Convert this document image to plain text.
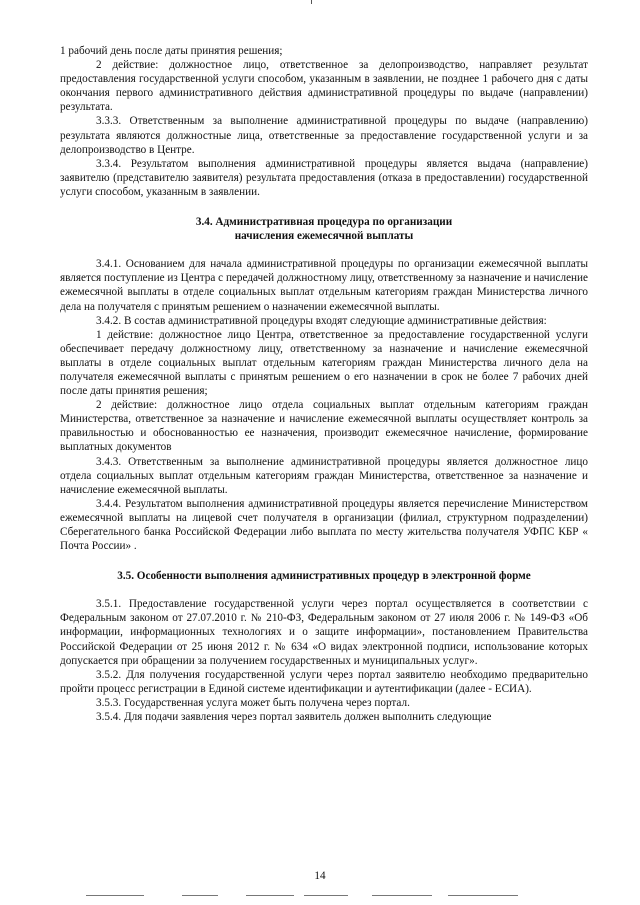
1 рабочий день после даты принятия решения;

2 действие: должностное лицо, ответственное за делопроизводство, направляет результат предоставления государственной услуги способом, указанным в заявлении, не позднее 1 рабочего дня с даты окончания первого административного действия административной процедуры по выдаче (направлении) результата.

3.3.3. Ответственным за выполнение административной процедуры по выдаче (направлению) результата являются должностные лица, ответственные за предоставление государственной услуги и за делопроизводство в Центре.

3.3.4. Результатом выполнения административной процедуры является выдача (направление) заявителю (представителю заявителя) результата предоставления (отказа в предоставлении) государственной услуги способом, указанным в заявлении.

3.4. Административная процедура по организации

начисления ежемесячной выплаты

3.4.1. Основанием для начала административной процедуры по организации ежемесячной выплаты является поступление из Центра с передачей должностному лицу, ответственному за назначение и начисление ежемесячной выплаты в отделе социальных выплат отдельным категориям граждан Министерства личного дела на получателя с принятым решением о назначении ежемесячной выплаты.

3.4.2. В состав административной процедуры входят следующие административные действия:

1 действие: должностное лицо Центра, ответственное за предоставление государственной услуги обеспечивает передачу должностному лицу, ответственному за назначение и начисление ежемесячной выплаты в отделе социальных выплат отдельным категориям граждан Министерства личного дела на получателя ежемесячной выплаты с принятым решением о его назначении в срок не более 7 рабочих дней после даты принятия решения;

2 действие: должностное лицо отдела социальных выплат отдельным категориям граждан Министерства, ответственное за назначение и начисление ежемесячной выплаты осуществляет контроль за правильностью и обоснованностью ее назначения, производит ежемесячное начисление, формирование выплатных документов

3.4.3. Ответственным за выполнение административной процедуры является должностное лицо отдела социальных выплат отдельным категориям граждан Министерства, ответственное за назначение и начисление ежемесячной выплаты.

3.4.4. Результатом выполнения административной процедуры является перечисление Министерством ежемесячной выплаты на лицевой счет получателя в организации (филиал, структурном подразделении) Сберегательного банка Российской Федерации либо выплата по месту жительства получателя УФПС КБР « Почта России» .

3.5. Особенности выполнения административных процедур в электронной форме

3.5.1. Предоставление государственной услуги через портал осуществляется в соответствии с Федеральным законом от 27.07.2010 г. № 210-ФЗ, Федеральным законом от 27 июля 2006 г. № 149-ФЗ «Об информации, информационных технологиях и о защите информации», постановлением Правительства Российской Федерации от 25 июня 2012 г. № 634 «О видах электронной подписи, использование которых допускается при обращении за получением государственных и муниципальных услуг».

3.5.2. Для получения государственной услуги через портал заявителю необходимо предварительно пройти процесс регистрации в Единой системе идентификации и аутентификации (далее - ЕСИА).

3.5.3. Государственная услуга может быть получена через портал.

3.5.4. Для подачи заявления через портал заявитель должен выполнить следующие

14
